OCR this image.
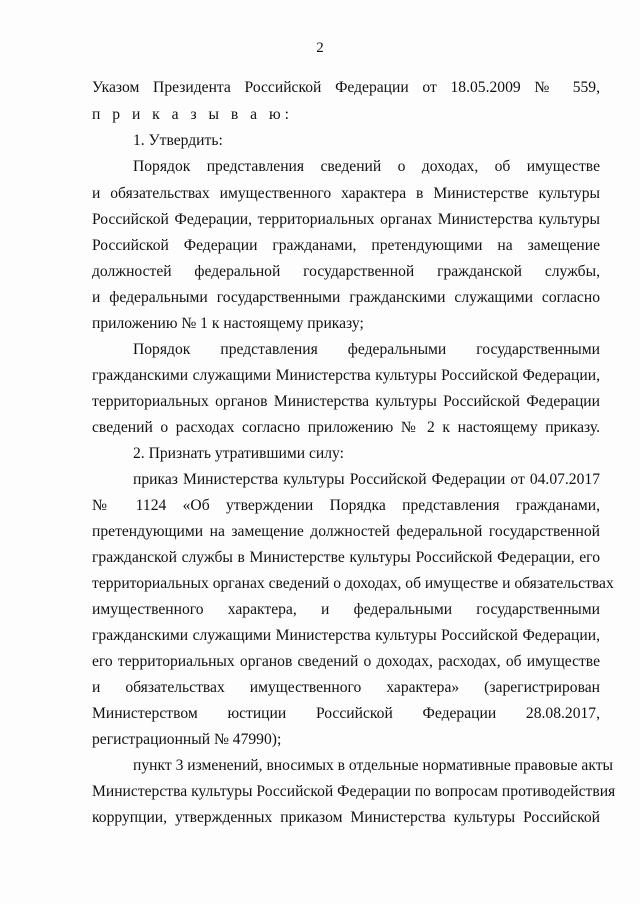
2
Указом Президента Российской Федерации от 18.05.2009 № 559,
п р и к а з ы в а ю:
1. Утвердить:
Порядок представления сведений о доходах, об имуществе
и обязательствах имущественного характера в Министерстве культуры
Российской Федерации, территориальных органах Министерства культуры
Российской Федерации гражданами, претендующими на замещение
должностей федеральной государственной гражданской службы,
и федеральными государственными гражданскими служащими согласно
приложению № 1 к настоящему приказу;
Порядок представления федеральными государственными
гражданскими служащими Министерства культуры Российской Федерации,
территориальных органов Министерства культуры Российской Федерации
сведений о расходах согласно приложению № 2 к настоящему приказу.
2. Признать утратившими силу:
приказ Министерства культуры Российской Федерации от 04.07.2017
№ 1124 «Об утверждении Порядка представления гражданами,
претендующими на замещение должностей федеральной государственной
гражданской службы в Министерстве культуры Российской Федерации, его
территориальных органах сведений о доходах, об имуществе и обязательствах
имущественного характера, и федеральными государственными
гражданскими служащими Министерства культуры Российской Федерации,
его территориальных органов сведений о доходах, расходах, об имуществе
и обязательствах имущественного характера» (зарегистрирован
Министерством юстиции Российской Федерации 28.08.2017,
регистрационный № 47990);
пункт 3 изменений, вносимых в отдельные нормативные правовые акты
Министерства культуры Российской Федерации по вопросам противодействия
коррупции, утвержденных приказом Министерства культуры Российской
